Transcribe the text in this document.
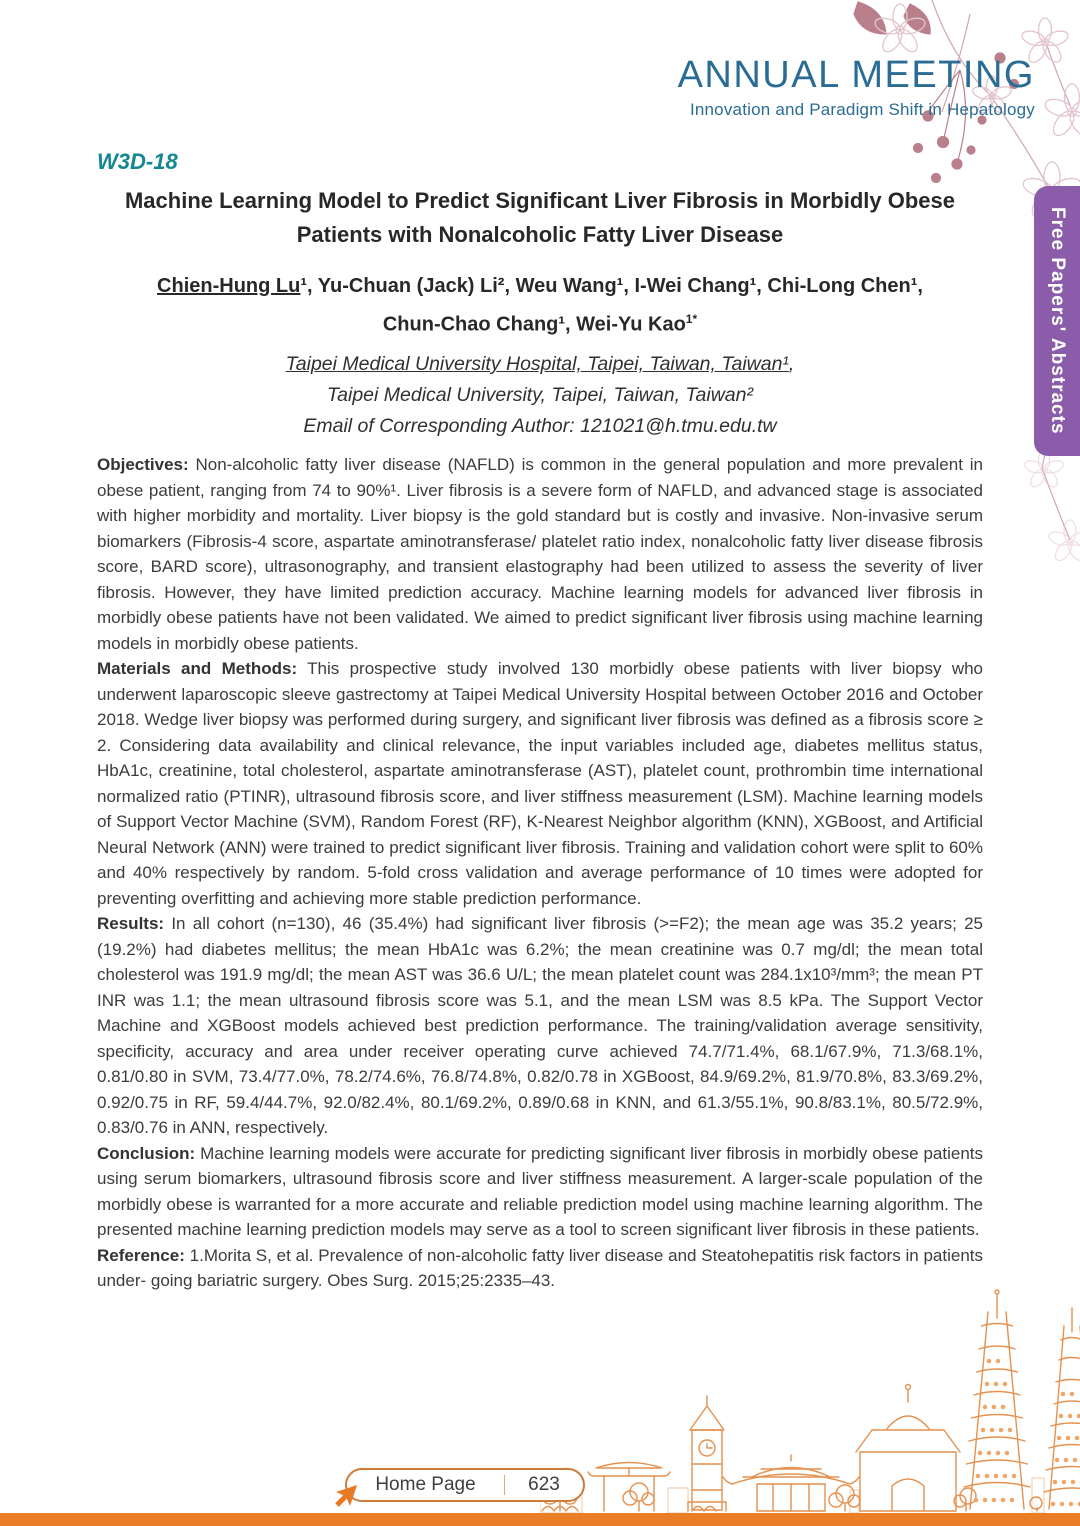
ANNUAL MEETING
Innovation and Paradigm Shift in Hepatology
Free Papers' Abstracts
W3D-18
Machine Learning Model to Predict Significant Liver Fibrosis in Morbidly Obese
Patients with Nonalcoholic Fatty Liver Disease
Chien-Hung Lu¹, Yu-Chuan (Jack) Li², Weu Wang¹, I-Wei Chang¹, Chi-Long Chen¹,
Chun-Chao Chang¹, Wei-Yu Kao$^{1*}$
Taipei Medical University Hospital, Taipei, Taiwan, Taiwan¹,
Taipei Medical University, Taipei, Taiwan, Taiwan²
Email of Corresponding Author: 121021@h.tmu.edu.tw

Objectives: Non-alcoholic fatty liver disease (NAFLD) is common in the general population and more prevalent in obese patient, ranging from 74 to 90%¹. Liver fibrosis is a severe form of NAFLD, and advanced stage is associated with higher morbidity and mortality. Liver biopsy is the gold standard but is costly and invasive. Non-invasive serum biomarkers (Fibrosis-4 score, aspartate aminotransferase/ platelet ratio index, nonalcoholic fatty liver disease fibrosis score, BARD score), ultrasonography, and transient elastography had been utilized to assess the severity of liver fibrosis. However, they have limited prediction accuracy. Machine learning models for advanced liver fibrosis in morbidly obese patients have not been validated. We aimed to predict significant liver fibrosis using machine learning models in morbidly obese patients.

Materials and Methods: This prospective study involved 130 morbidly obese patients with liver biopsy who underwent laparoscopic sleeve gastrectomy at Taipei Medical University Hospital between October 2016 and October 2018. Wedge liver biopsy was performed during surgery, and significant liver fibrosis was defined as a fibrosis score ≥ 2. Considering data availability and clinical relevance, the input variables included age, diabetes mellitus status, HbA1c, creatinine, total cholesterol, aspartate aminotransferase (AST), platelet count, prothrombin time international normalized ratio (PTINR), ultrasound fibrosis score, and liver stiffness measurement (LSM). Machine learning models of Support Vector Machine (SVM), Random Forest (RF), K-Nearest Neighbor algorithm (KNN), XGBoost, and Artificial Neural Network (ANN) were trained to predict significant liver fibrosis. Training and validation cohort were split to 60% and 40% respectively by random. 5-fold cross validation and average performance of 10 times were adopted for preventing overfitting and achieving more stable prediction performance.

Results: In all cohort (n=130), 46 (35.4%) had significant liver fibrosis (>=F2); the mean age was 35.2 years; 25 (19.2%) had diabetes mellitus; the mean HbA1c was 6.2%; the mean creatinine was 0.7 mg/dl; the mean total cholesterol was 191.9 mg/dl; the mean AST was 36.6 U/L; the mean platelet count was 284.1x10³/mm³; the mean PT INR was 1.1; the mean ultrasound fibrosis score was 5.1, and the mean LSM was 8.5 kPa. The Support Vector Machine and XGBoost models achieved best prediction performance. The training/validation average sensitivity, specificity, accuracy and area under receiver operating curve achieved 74.7/71.4%, 68.1/67.9%, 71.3/68.1%, 0.81/0.80 in SVM, 73.4/77.0%, 78.2/74.6%, 76.8/74.8%, 0.82/0.78 in XGBoost, 84.9/69.2%, 81.9/70.8%, 83.3/69.2%, 0.92/0.75 in RF, 59.4/44.7%, 92.0/82.4%, 80.1/69.2%, 0.89/0.68 in KNN, and 61.3/55.1%, 90.8/83.1%, 80.5/72.9%, 0.83/0.76 in ANN, respectively.

Conclusion: Machine learning models were accurate for predicting significant liver fibrosis in morbidly obese patients using serum biomarkers, ultrasound fibrosis score and liver stiffness measurement. A larger-scale population of the morbidly obese is warranted for a more accurate and reliable prediction model using machine learning algorithm. The presented machine learning prediction models may serve as a tool to screen significant liver fibrosis in these patients.

Reference: 1.Morita S, et al. Prevalence of non-alcoholic fatty liver disease and Steatohepatitis risk factors in patients under- going bariatric surgery. Obes Surg. 2015;25:2335–43.

Home Page	623
